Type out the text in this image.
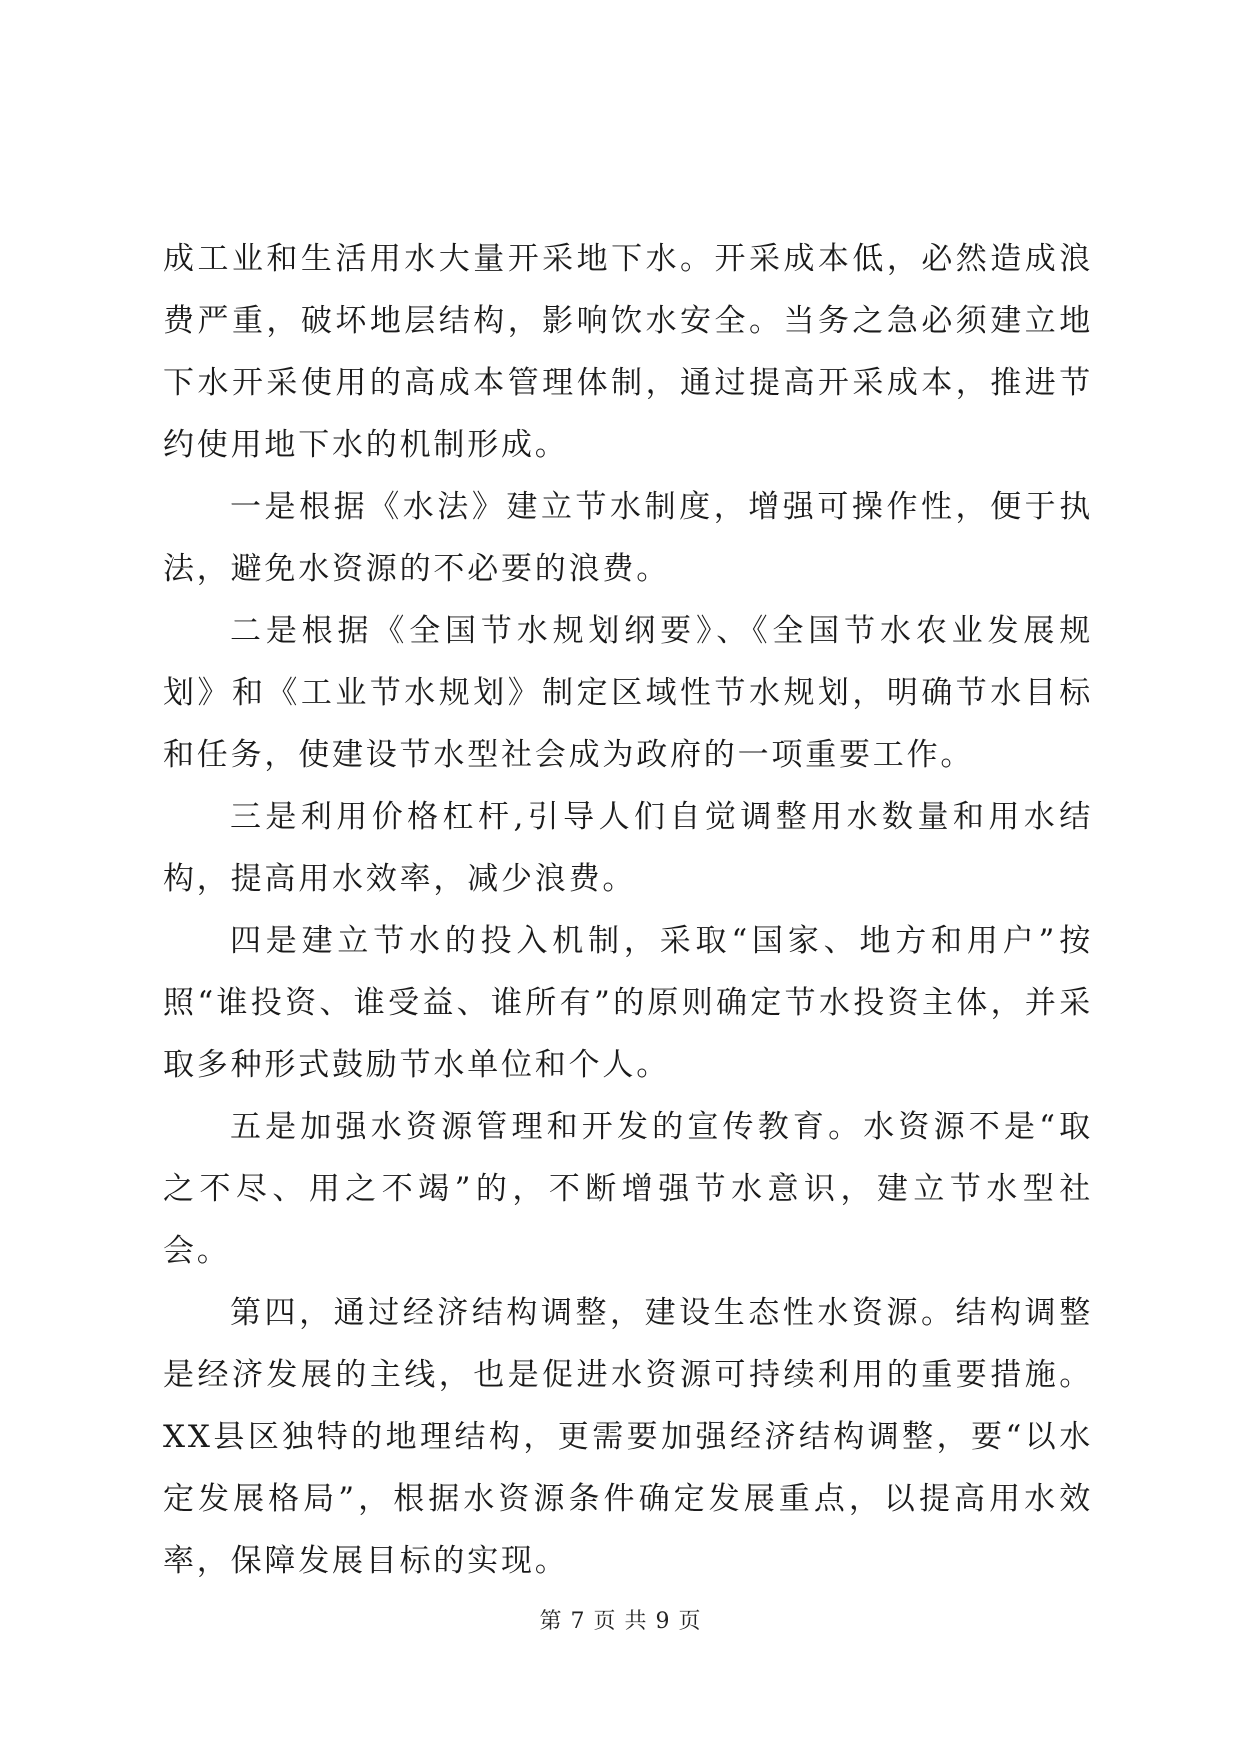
成工业和生活用水大量开采地下水。开采成本低，必然造成浪费严重，破坏地层结构，影响饮水安全。当务之急必须建立地下水开采使用的高成本管理体制，通过提高开采成本，推进节约使用地下水的机制形成。

一是根据《水法》建立节水制度，增强可操作性，便于执法，避免水资源的不必要的浪费。

二是根据《全国节水规划纲要》、《全国节水农业发展规划》和《工业节水规划》制定区域性节水规划，明确节水目标和任务，使建设节水型社会成为政府的一项重要工作。

三是利用价格杠杆,引导人们自觉调整用水数量和用水结构，提高用水效率，减少浪费。

四是建立节水的投入机制，采取“国家、地方和用户”按照“谁投资、谁受益、谁所有”的原则确定节水投资主体，并采取多种形式鼓励节水单位和个人。

五是加强水资源管理和开发的宣传教育。水资源不是“取之不尽、用之不竭”的，不断增强节水意识，建立节水型社会。

第四，通过经济结构调整，建设生态性水资源。结构调整是经济发展的主线，也是促进水资源可持续利用的重要措施。XX县区独特的地理结构，更需要加强经济结构调整，要“以水定发展格局”，根据水资源条件确定发展重点，以提高用水效率，保障发展目标的实现。

第 7 页 共 9 页
